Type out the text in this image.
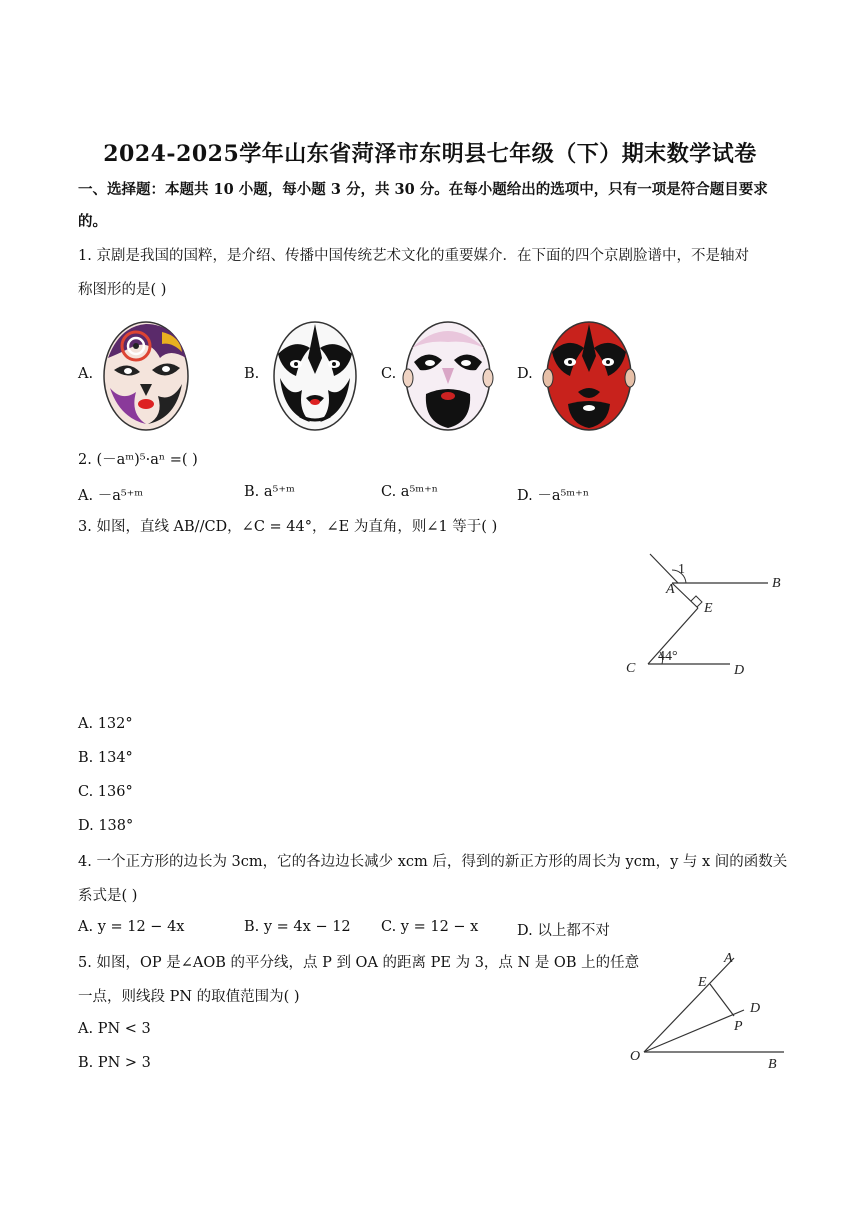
2024-2025学年山东省菏泽市东明县七年级（下）期末数学试卷
一、选择题：本题共 10 小题，每小题 3 分，共 30 分。在每小题给出的选项中，只有一项是符合题目要求
的。
1. 京剧是我国的国粹，是介绍、传播中国传统艺术文化的重要媒介．在下面的四个京剧脸谱中，不是轴对
称图形的是( )
A.	B.	C.	D.
2. (－aᵐ)⁵·aⁿ =( )
A. －a⁵⁺ᵐ	B. a⁵⁺ᵐ	C. a⁵ᵐ⁺ⁿ	D. －a⁵ᵐ⁺ⁿ
3. 如图，直线 AB//CD，∠C = 44°，∠E 为直角，则∠1 等于( )
1
A	B
E
C	D
44°
A. 132°
B. 134°
C. 136°
D. 138°
4. 一个正方形的边长为 3cm，它的各边边长减少 xcm 后，得到的新正方形的周长为 ycm，y 与 x 间的函数关
系式是( )
A. y = 12 − 4x	B. y = 4x − 12 C. y = 12 − x	D. 以上都不对
5. 如图，OP 是∠AOB 的平分线，点 P 到 OA 的距离 PE 为 3，点 N 是 OB 上的任意
一点，则线段 PN 的取值范围为( )
A. PN < 3
B. PN > 3
A
E
D
P
O
B
